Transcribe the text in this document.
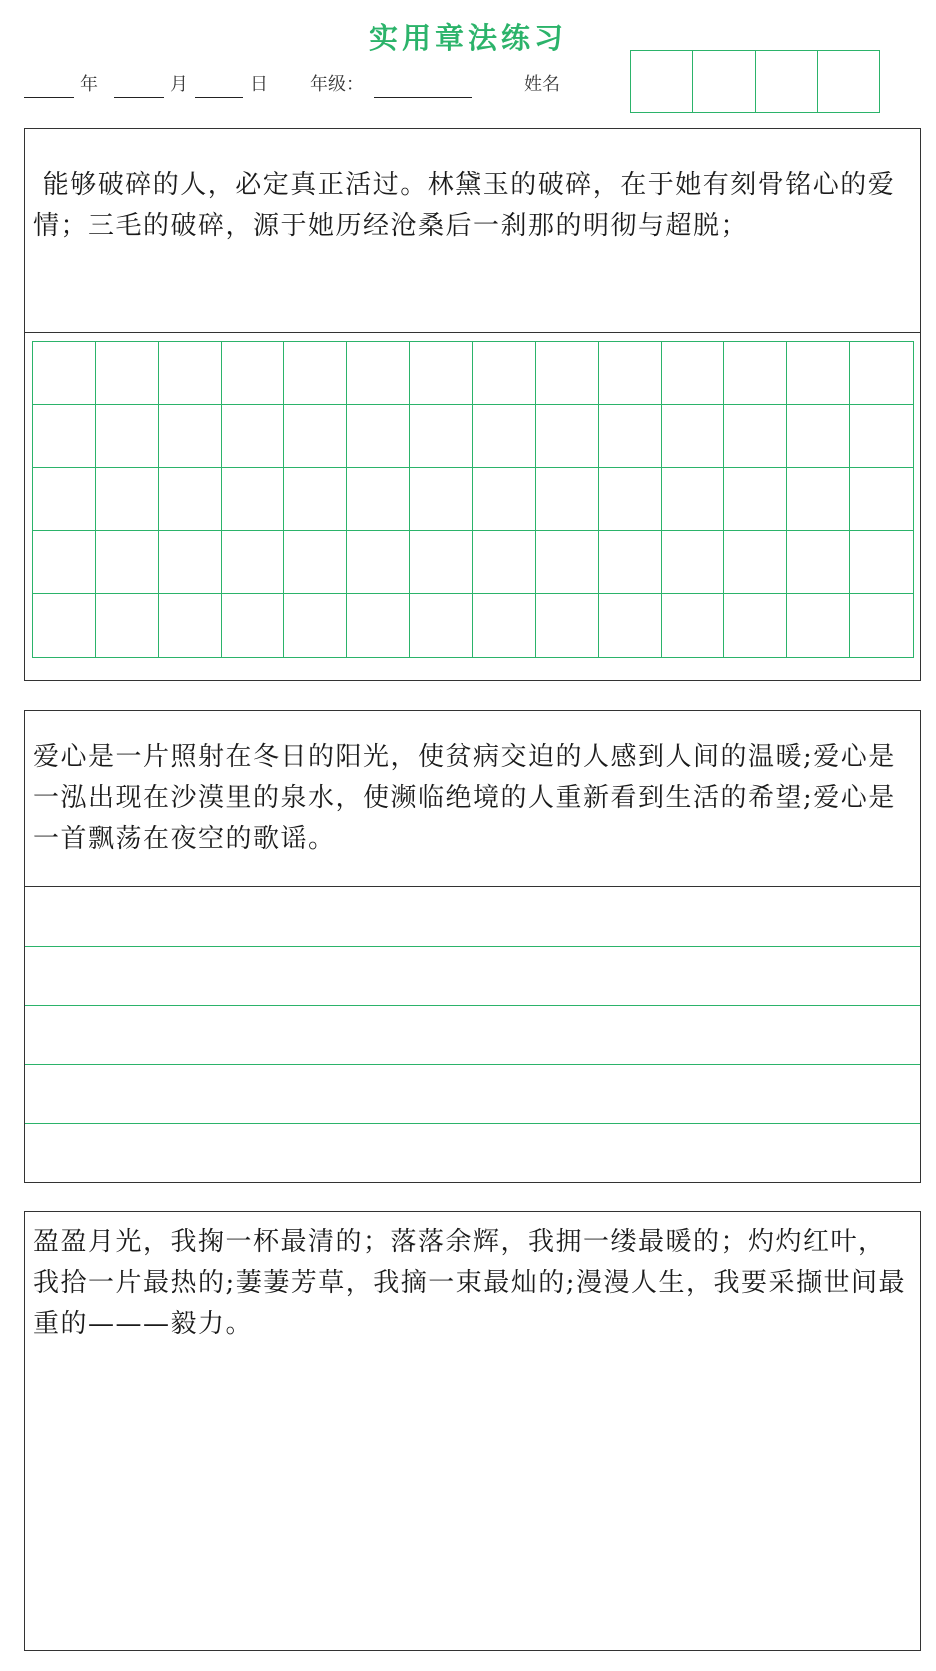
实用章法练习
年	月	日 年级：	姓名
能够破碎的人，必定真正活过。林黛玉的破碎，在于她有刻骨铭心的爱情；三毛的破碎，源于她历经沧桑后一刹那的明彻与超脱；
爱心是一片照射在冬日的阳光，使贫病交迫的人感到人间的温暖;爱心是一泓出现在沙漠里的泉水，使濒临绝境的人重新看到生活的希望;爱心是一首飘荡在夜空的歌谣。
盈盈月光，我掬一杯最清的；落落余辉，我拥一缕最暖的；灼灼红叶，我拾一片最热的;萋萋芳草，我摘一束最灿的;漫漫人生，我要采撷世间最重的———毅力。
